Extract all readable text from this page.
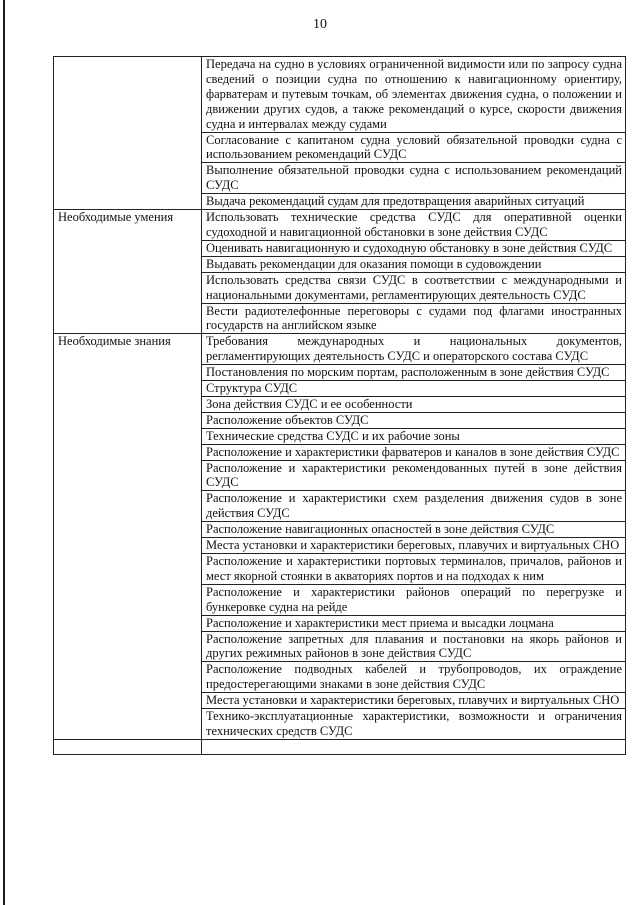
10
	Передача на судно в условиях ограниченной видимости или по запросу судна сведений о позиции судна по отношению к навигационному ориентиру, фарватерам и путевым точкам, об элементах движения судна, о положении и движении других судов, а также рекомендаций о курсе, скорости движения судна и интервалах между судами
	Согласование с капитаном судна условий обязательной проводки судна с использованием рекомендаций СУДС
	Выполнение обязательной проводки судна с использованием рекомендаций СУДС
	Выдача рекомендаций судам для предотвращения аварийных ситуаций
Необходимые умения	Использовать технические средства СУДС для оперативной оценки судоходной и навигационной обстановки в зоне действия СУДС
	Оценивать навигационную и судоходную обстановку в зоне действия СУДС
	Выдавать рекомендации для оказания помощи в судовождении
	Использовать средства связи СУДС в соответствии с международными и национальными документами, регламентирующих деятельность СУДС
	Вести радиотелефонные переговоры с судами под флагами иностранных государств на английском языке
Необходимые знания	Требования международных и национальных документов, регламентирующих деятельность СУДС и операторского состава СУДС
	Постановления по морским портам, расположенным в зоне действия СУДС
	Структура СУДС
	Зона действия СУДС и ее особенности
	Расположение объектов СУДС
	Технические средства СУДС и их рабочие зоны
	Расположение и характеристики фарватеров и каналов в зоне действия СУДС
	Расположение и характеристики рекомендованных путей в зоне действия СУДС
	Расположение и характеристики схем разделения движения судов в зоне действия СУДС
	Расположение навигационных опасностей в зоне действия СУДС
	Места установки и характеристики береговых, плавучих и виртуальных СНО
	Расположение и характеристики портовых терминалов, причалов, районов и мест якорной стоянки в акваториях портов и на подходах к ним
	Расположение и характеристики районов операций по перегрузке и бункеровке судна на рейде
	Расположение и характеристики мест приема и высадки лоцмана
	Расположение запретных для плавания и постановки на якорь районов и других режимных районов в зоне действия СУДС
	Расположение подводных кабелей и трубопроводов, их ограждение предостерегающими знаками в зоне действия СУДС
	Места установки и характеристики береговых, плавучих и виртуальных СНО
	Технико-эксплуатационные характеристики, возможности и ограничения технических средств СУДС
